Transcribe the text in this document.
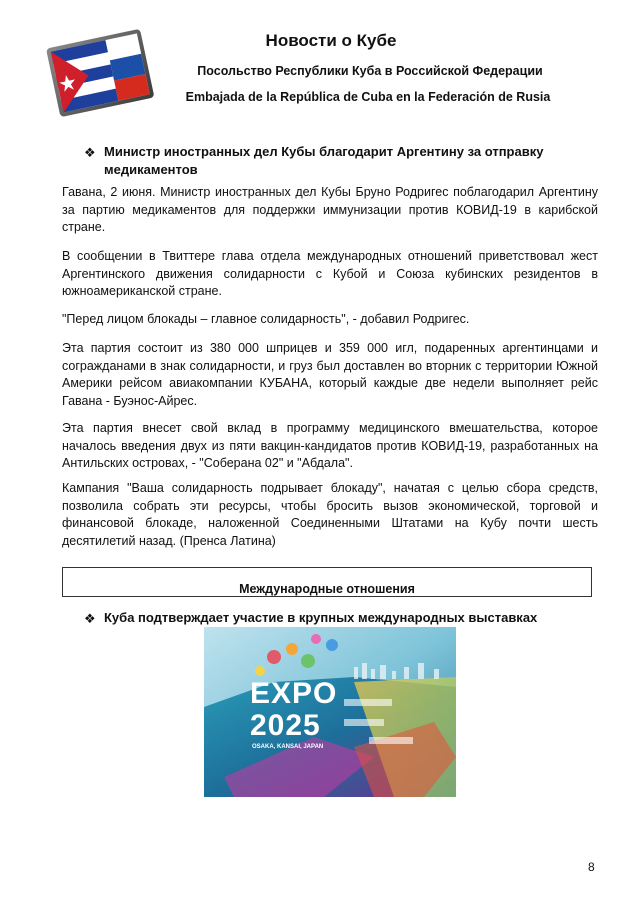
Новости о Кубе
Посольство Республики Куба в Российской Федерации
Embajada de la República de Cuba en la Federación de Rusia
❖ Министр иностранных дел Кубы благодарит Аргентину за отправку медикаментов
Гавана, 2 июня. Министр иностранных дел Кубы Бруно Родригес поблагодарил Аргентину за партию медикаментов для поддержки иммунизации против КОВИД-19 в карибской стране.
В сообщении в Твиттере глава отдела международных отношений приветствовал жест Аргентинского движения солидарности с Кубой и Союза кубинских резидентов в южноамериканской стране.
"Перед лицом блокады – главное солидарность", - добавил Родригес.
Эта партия состоит из 380 000 шприцев и 359 000 игл, подаренных аргентинцами и согражданами в знак солидарности, и груз был доставлен во вторник с территории Южной Америки рейсом авиакомпании КУБАНА, который каждые две недели выполняет рейс Гавана - Буэнос-Айрес.
Эта партия внесет свой вклад в программу медицинского вмешательства, которое началось введения двух из пяти вакцин-кандидатов против КОВИД-19, разработанных на Антильских островах, - "Соберана 02" и "Абдала".
Кампания "Ваша солидарность подрывает блокаду", начатая с целью сбора средств, позволила собрать эти ресурсы, чтобы бросить вызов экономической, торговой и финансовой блокаде, наложенной Соединенными Штатами на Кубу почти шесть десятилетий назад. (Пренса Латина)
Международные отношения
❖ Куба подтверждает участие в крупных международных выставках
EXPO
2025
OSAKA, KANSAI, JAPAN
8
